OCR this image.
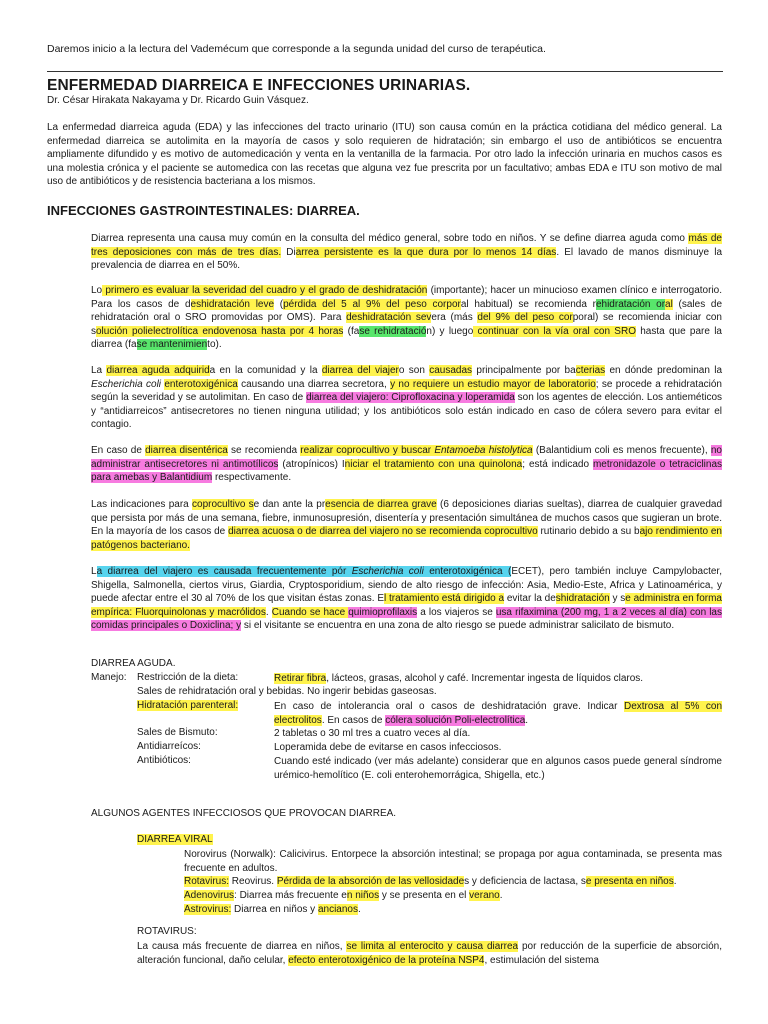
Daremos inicio a la lectura del Vademécum que corresponde a la segunda unidad del curso de terapéutica.
ENFERMEDAD DIARREICA E INFECCIONES URINARIAS.
Dr. César Hirakata Nakayama y Dr. Ricardo Guin Vásquez.

La enfermedad diarreica aguda (EDA) y las infecciones del tracto urinario (ITU) son causa común en la práctica cotidiana del médico general. La enfermedad diarreica se autolimita en la mayoría de casos y solo requieren de hidratación; sin embargo el uso de antibióticos se encuentra ampliamente difundido y es motivo de automedicación y venta en la ventanilla de la farmacia. Por otro lado la infección urinaria en muchos casos es una molestia crónica y el paciente se automedica con las recetas que alguna vez fue prescrita por un facultativo; ambas EDA e ITU son motivo de mal uso de antibióticos y de resistencia bacteriana a los mismos.

INFECCIONES GASTROINTESTINALES: DIARREA.

Diarrea representa una causa muy común en la consulta del médico general, sobre todo en niños. Y se define diarrea aguda como más de tres deposiciones con más de tres días. Diarrea persistente es la que dura por lo menos 14 días. El lavado de manos disminuye la prevalencia de diarrea en el 50%.

Lo primero es evaluar la severidad del cuadro y el grado de deshidratación (importante); hacer un minucioso examen clínico e interrogatorio. Para los casos de deshidratación leve (pérdida del 5 al 9% del peso corporal habitual) se recomienda rehidratación oral (sales de rehidratación oral o SRO promovidas por OMS). Para deshidratación severa (más del 9% del peso corporal) se recomienda iniciar con solución polielectrolítica endovenosa hasta por 4 horas (fase rehidratación) y luego continuar con la vía oral con SRO hasta que pare la diarrea (fase mantenimiento).

La diarrea aguda adquirida en la comunidad y la diarrea del viajero son causadas principalmente por bacterias en dónde predominan la Escherichia coli enterotoxigénica causando una diarrea secretora, y no requiere un estudio mayor de laboratorio; se procede a rehidratación según la severidad y se autolimitan. En caso de diarrea del viajero: Ciprofloxacina y loperamida son los agentes de elección. Los antieméticos y “antidiarreicos” antisecretores no tienen ninguna utilidad; y los antibióticos solo están indicado en caso de cólera severo para evitar el contagio.

En caso de diarrea disentérica se recomienda realizar coprocultivo y buscar Entamoeba histolytica (Balantidium coli es menos frecuente), no administrar antisecretores ni antimotílicos (atropínicos) Iniciar el tratamiento con una quinolona; está indicado metronidazole o tetraciclinas para amebas y Balantidium respectivamente.

Las indicaciones para coprocultivo se dan ante la presencia de diarrea grave (6 deposiciones diarias sueltas), diarrea de cualquier gravedad que persista por más de una semana, fiebre, inmunosupresión, disentería y presentación simultánea de muchos casos que sugieran un brote. En la mayoría de los casos de diarrea acuosa o de diarrea del viajero no se recomienda coprocultivo rutinario debido a su bajo rendimiento en patógenos bacteriano.

La diarrea del viajero es causada frecuentemente pór Escherichia coli enterotoxigénica (ECET), pero también incluye Campylobacter, Shigella, Salmonella, ciertos virus, Giardia, Cryptosporidium, siendo de alto riesgo de infección: Asia, Medio-Este, Africa y Latinoamérica, y puede afectar entre el 30 al 70% de los que visitan éstas zonas. El tratamiento está dirigido a evitar la deshidratación y se administra en forma empírica: Fluorquinolonas y macrólidos. Cuando se hace quimioprofilaxis a los viajeros se usa rifaximina (200 mg, 1 a 2 veces al día) con las comidas principales o Doxiclina; y si el visitante se encuentra en una zona de alto riesgo se puede administrar salicilato de bismuto.

DIARREA AGUDA.
Manejo: Restricción de la dieta:	Retirar fibra, lácteos, grasas, alcohol y café. Incrementar ingesta de líquidos claros.
Sales de rehidratación oral y bebidas. No ingerir bebidas gaseosas.
Hidratación parenteral:	En caso de intolerancia oral o casos de deshidratación grave. Indicar Dextrosa al 5% con electrolitos. En casos de cólera solución Poli-electrolítica.
Sales de Bismuto:	2 tabletas o 30 ml tres a cuatro veces al día.
Antidiarreícos:	Loperamida debe de evitarse en casos infecciosos.
Antibióticos:	Cuando esté indicado (ver más adelante) considerar que en algunos casos puede general síndrome urémico-hemolítico (E. coli enterohemorrágica, Shigella, etc.)
ALGUNOS AGENTES INFECCIOSOS QUE PROVOCAN DIARREA.
DIARREA VIRAL
Norovirus (Norwalk): Calicivirus. Entorpece la absorción intestinal; se propaga por agua contaminada, se presenta mas frecuente en adultos.
Rotavirus: Reovirus. Pérdida de la absorción de las vellosidades y deficiencia de lactasa, se presenta en niños.
Adenovirus: Diarrea más frecuente en niños y se presenta en el verano.
Astrovirus: Diarrea en niños y ancianos.
ROTAVIRUS:
La causa más frecuente de diarrea en niños, se limita al enterocito y causa diarrea por reducción de la superficie de absorción, alteración funcional, daño celular, efecto enterotoxigénico de la proteína NSP4, estimulación del sistema
